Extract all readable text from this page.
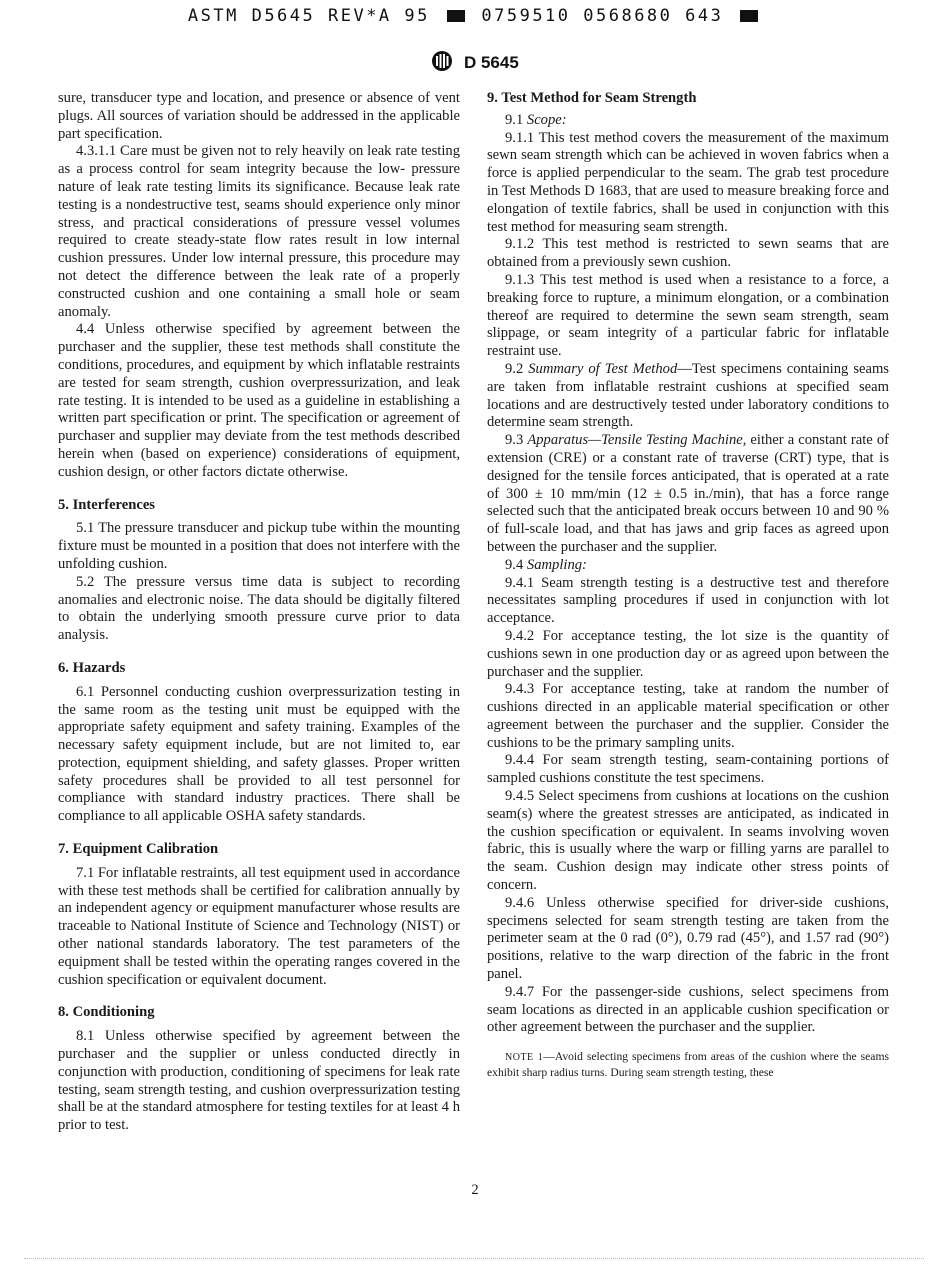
ASTM D5645 REV*A 95	0759510 0568680 643
D 5645

sure, transducer type and location, and presence or absence of vent plugs. All sources of variation should be addressed in the applicable part specification.

4.3.1.1 Care must be given not to rely heavily on leak rate testing as a process control for seam integrity because the low- pressure nature of leak rate testing limits its significance. Because leak rate testing is a nondestructive test, seams should experience only minor stress, and practical considerations of pressure vessel volumes required to create steady-state flow rates result in low internal cushion pressures. Under low internal pressure, this procedure may not detect the difference between the leak rate of a properly constructed cushion and one containing a small hole or seam anomaly.

4.4 Unless otherwise specified by agreement between the purchaser and the supplier, these test methods shall constitute the conditions, procedures, and equipment by which inflatable restraints are tested for seam strength, cushion overpressurization, and leak rate testing. It is intended to be used as a guideline in establishing a written part specification or print. The specification or agreement of purchaser and supplier may deviate from the test methods described herein when (based on experience) considerations of equipment, cushion design, or other factors dictate otherwise.

5. Interferences

5.1 The pressure transducer and pickup tube within the mounting fixture must be mounted in a position that does not interfere with the unfolding cushion.

5.2 The pressure versus time data is subject to recording anomalies and electronic noise. The data should be digitally filtered to obtain the underlying smooth pressure curve prior to data analysis.

6. Hazards

6.1 Personnel conducting cushion overpressurization testing in the same room as the testing unit must be equipped with the appropriate safety equipment and safety training. Examples of the necessary safety equipment include, but are not limited to, ear protection, equipment shielding, and safety glasses. Proper written safety procedures shall be provided to all test personnel for compliance with standard industry practices. There shall be compliance to all applicable OSHA safety standards.

7. Equipment Calibration

7.1 For inflatable restraints, all test equipment used in accordance with these test methods shall be certified for calibration annually by an independent agency or equipment manufacturer whose results are traceable to National Institute of Science and Technology (NIST) or other national standards laboratory. The test parameters of the equipment shall be tested within the operating ranges covered in the cushion specification or equivalent document.

8. Conditioning

8.1 Unless otherwise specified by agreement between the purchaser and the supplier or unless conducted directly in conjunction with production, conditioning of specimens for leak rate testing, seam strength testing, and cushion overpressurization testing shall be at the standard atmosphere for testing textiles for at least 4 h prior to test.

9. Test Method for Seam Strength

9.1 Scope:

9.1.1 This test method covers the measurement of the maximum sewn seam strength which can be achieved in woven fabrics when a force is applied perpendicular to the seam. The grab test procedure in Test Methods D 1683, that are used to measure breaking force and elongation of textile fabrics, shall be used in conjunction with this test method for measuring seam strength.

9.1.2 This test method is restricted to sewn seams that are obtained from a previously sewn cushion.

9.1.3 This test method is used when a resistance to a force, a breaking force to rupture, a minimum elongation, or a combination thereof are required to determine the sewn seam strength, seam slippage, or seam integrity of a particular fabric for inflatable restraint use.

9.2 Summary of Test Method—Test specimens containing seams are taken from inflatable restraint cushions at specified seam locations and are destructively tested under laboratory conditions to determine seam strength.

9.3 Apparatus—Tensile Testing Machine, either a constant rate of extension (CRE) or a constant rate of traverse (CRT) type, that is designed for the tensile forces anticipated, that is operated at a rate of 300 ± 10 mm/min (12 ± 0.5 in./min), that has a force range selected such that the anticipated break occurs between 10 and 90 % of full-scale load, and that has jaws and grip faces as agreed upon between the purchaser and the supplier.

9.4 Sampling:

9.4.1 Seam strength testing is a destructive test and therefore necessitates sampling procedures if used in conjunction with lot acceptance.

9.4.2 For acceptance testing, the lot size is the quantity of cushions sewn in one production day or as agreed upon between the purchaser and the supplier.

9.4.3 For acceptance testing, take at random the number of cushions directed in an applicable material specification or other agreement between the purchaser and the supplier. Consider the cushions to be the primary sampling units.

9.4.4 For seam strength testing, seam-containing portions of sampled cushions constitute the test specimens.

9.4.5 Select specimens from cushions at locations on the cushion seam(s) where the greatest stresses are anticipated, as indicated in the cushion specification or equivalent. In seams involving woven fabric, this is usually where the warp or filling yarns are parallel to the seam. Cushion design may indicate other stress points of concern.

9.4.6 Unless otherwise specified for driver-side cushions, specimens selected for seam strength testing are taken from the perimeter seam at the 0 rad (0°), 0.79 rad (45°), and 1.57 rad (90°) positions, relative to the warp direction of the fabric in the front panel.

9.4.7 For the passenger-side cushions, select specimens from seam locations as directed in an applicable cushion specification or other agreement between the purchaser and the supplier.

NOTE 1—Avoid selecting specimens from areas of the cushion where the seams exhibit sharp radius turns. During seam strength testing, these

2
